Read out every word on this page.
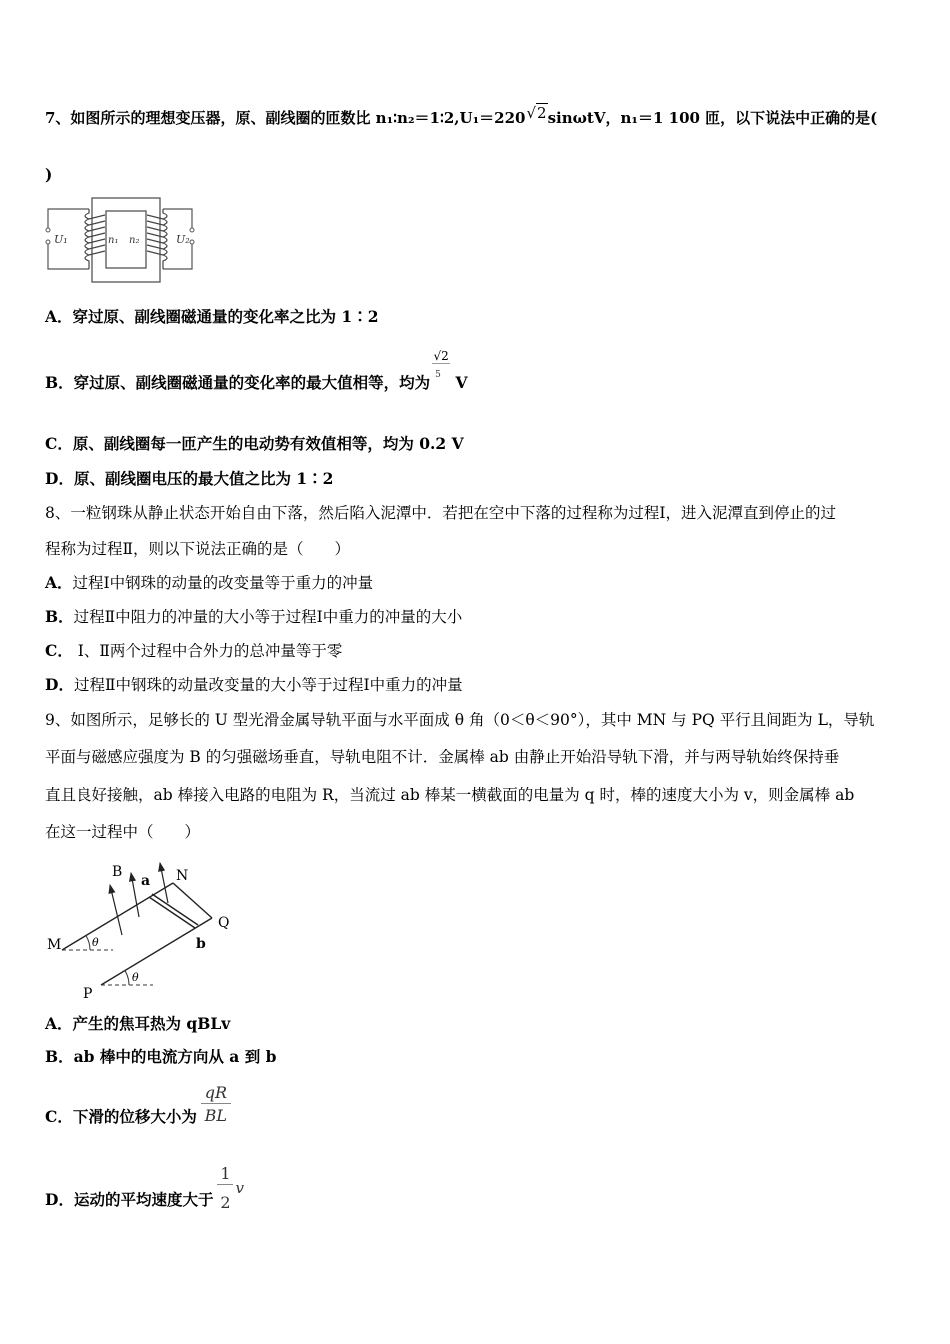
7、如图所示的理想变压器，原、副线圈的匝数比 n₁∶n₂＝1∶2,U₁＝220√2sinωtV，n₁＝1 100 匝，以下说法中正确的是(
)
U₁	n₁ n₂	U₂
A．穿过原、副线圈磁通量的变化率之比为 1∶2
B．穿过原、副线圈磁通量的变化率的最大值相等，均为 $\frac{√2}{5}$ V
C．原、副线圈每一匝产生的电动势有效值相等，均为 0.2 V
D．原、副线圈电压的最大值之比为 1∶2
8、一粒钢珠从静止状态开始自由下落，然后陷入泥潭中．若把在空中下落的过程称为过程Ⅰ，进入泥潭直到停止的过
程称为过程Ⅱ，则以下说法正确的是（　　）
A．过程Ⅰ中钢珠的动量的改变量等于重力的冲量
B．过程Ⅱ中阻力的冲量的大小等于过程Ⅰ中重力的冲量的大小
C． Ⅰ、Ⅱ两个过程中合外力的总冲量等于零
D．过程Ⅱ中钢珠的动量改变量的大小等于过程Ⅰ中重力的冲量
9、如图所示，足够长的 U 型光滑金属导轨平面与水平面成 θ 角（0＜θ＜90°），其中 MN 与 PQ 平行且间距为 L，导轨
平面与磁感应强度为 B 的匀强磁场垂直，导轨电阻不计．金属棒 ab 由静止开始沿导轨下滑，并与两导轨始终保持垂
直且良好接触，ab 棒接入电路的电阻为 R，当流过 ab 棒某一横截面的电量为 q 时，棒的速度大小为 v，则金属棒 ab
在这一过程中（　　）
B
a N
Q
M	θ	b
P
θ
A．产生的焦耳热为 qBLv
B．ab 棒中的电流方向从 a 到 b
C．下滑的位移大小为 $\frac{qR}{BL}$
D．运动的平均速度大于 $\frac{1}{2}$
v
